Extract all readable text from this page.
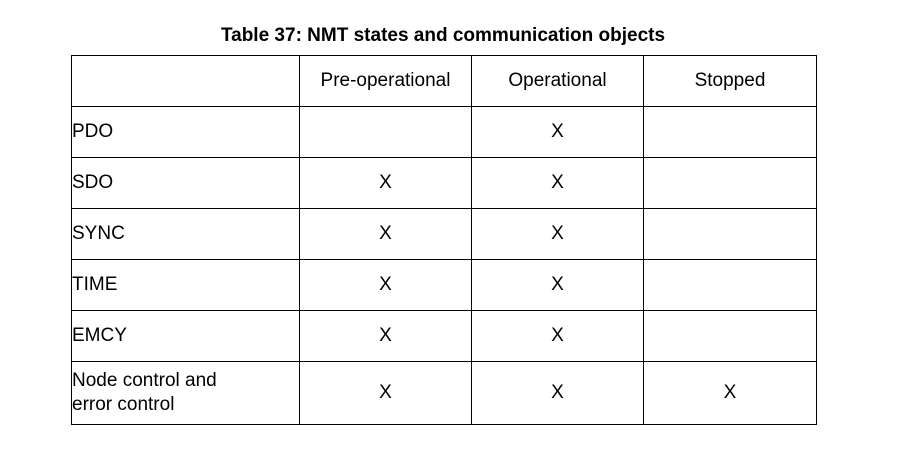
Table 37: NMT states and communication objects
	Pre-operational	Operational	Stopped
PDO		X	
SDO	X	X	
SYNC	X	X	
TIME	X	X	
EMCY	X	X	

Node control and
error control	X	X	X
